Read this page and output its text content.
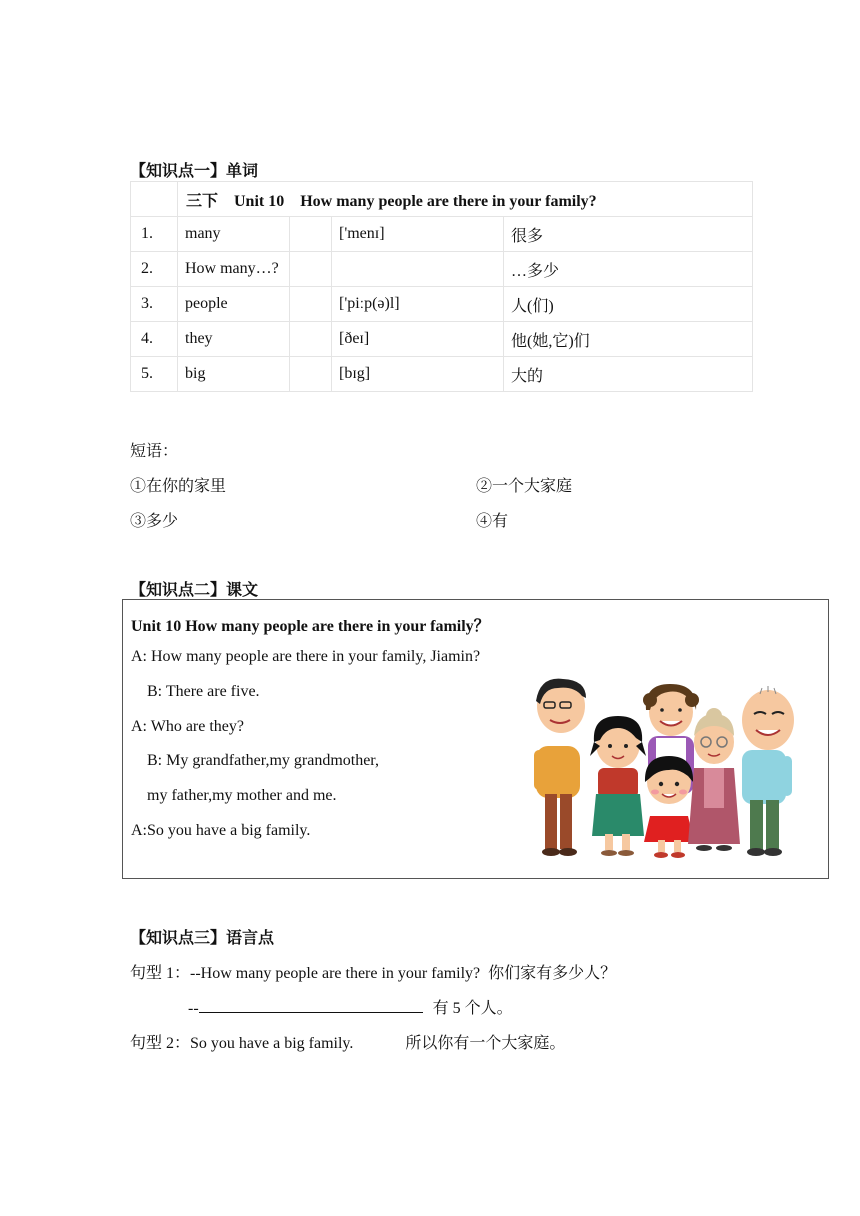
【知识点一】单词
	三下　Unit 10　How many people are there in your family?			
1.	many		['menɪ]	很多
2.	How many…?			…多少
3.	people		['piːp(ə)l]	人(们)
4.	they		[ðeɪ]	他(她,它)们
5.	big		[bɪg]	大的
短语：
①在你的家里	②一个大家庭
③多少	④有
【知识点二】课文
Unit 10 How many people are there in your family？
A: How many people are there in your family, Jiamin?
B: There are five.
A: Who are they?
B: My grandfather,my grandmother,
my father,my mother and me.
A:So you have a big family.
【知识点三】语言点
句型 1：--How many people are there in your family? 你们家有多少人？
--	有 5 个人。
句型 2：So you have a big family.	所以你有一个大家庭。
